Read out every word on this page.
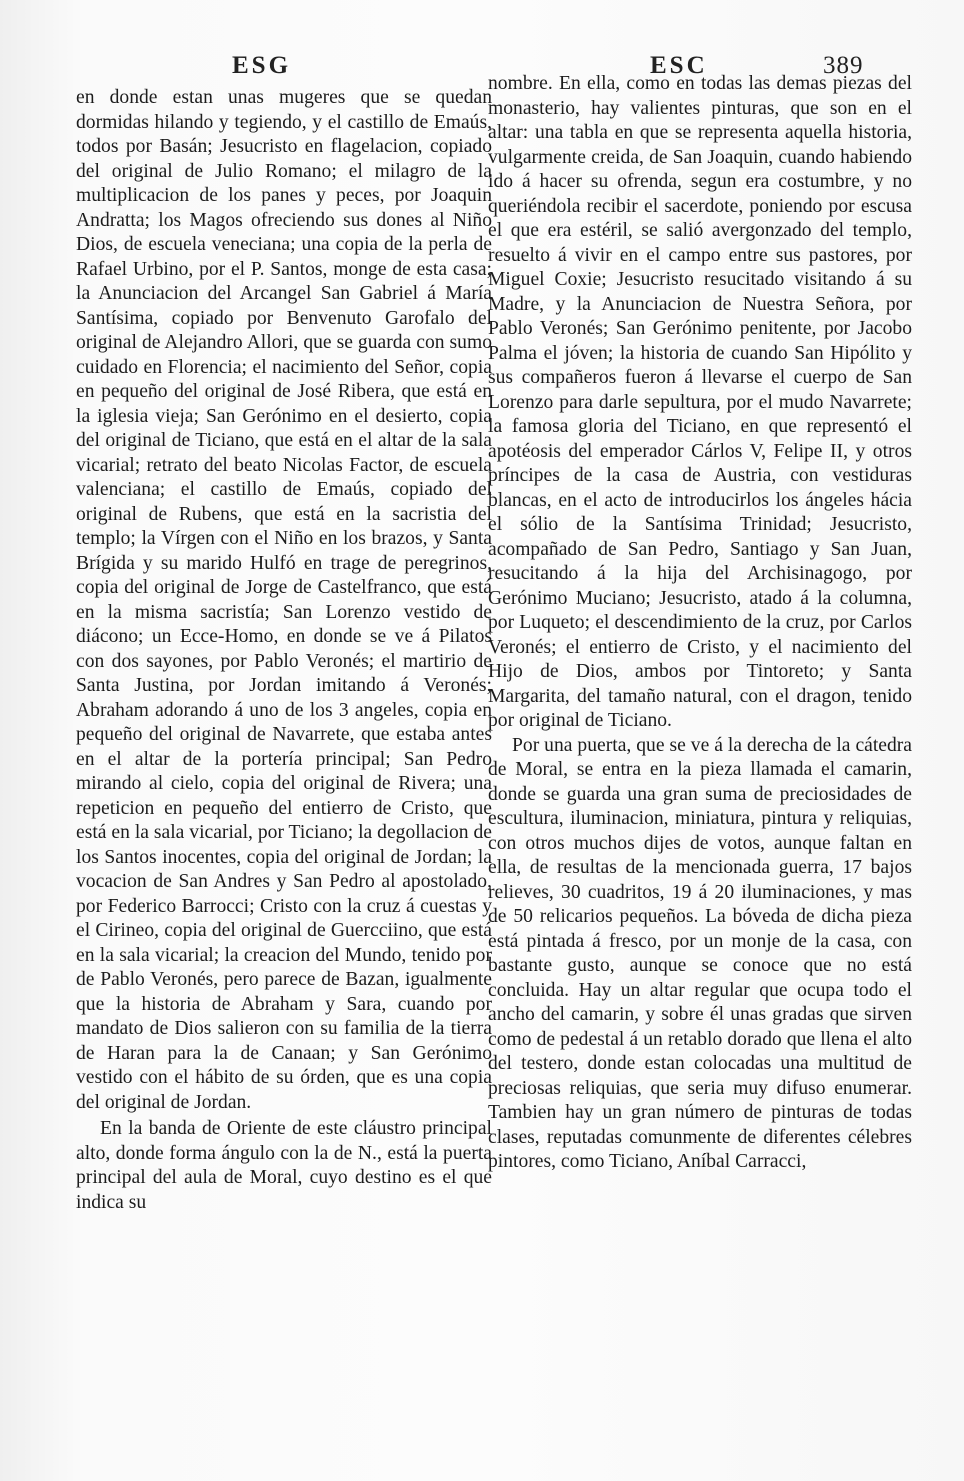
ESG	ESC	389

en donde estan unas mugeres que se quedan dormidas hilando y tegiendo, y el castillo de Emaús, todos por Basán; Jesucristo en flagelacion, copiado del original de Julio Romano; el milagro de la multiplicacion de los panes y peces, por Joaquin Andratta; los Magos ofreciendo sus dones al Niño Dios, de escuela veneciana; una copia de la perla de Rafael Urbino, por el P. Santos, monge de esta casa; la Anunciacion del Arcangel San Gabriel á María Santísima, copiado por Benvenuto Garofalo del original de Alejandro Allori, que se guarda con sumo cuidado en Florencia; el nacimiento del Señor, copia en pequeño del original de José Ribera, que está en la iglesia vieja; San Gerónimo en el desierto, copia del original de Ticiano, que está en el altar de la sala vicarial; retrato del beato Nicolas Factor, de escuela valenciana; el castillo de Emaús, copiado del original de Rubens, que está en la sacristia del templo; la Vírgen con el Niño en los brazos, y Santa Brígida y su marido Hulfó en trage de peregrinos, copia del original de Jorge de Castelfranco, que está en la misma sacristía; San Lorenzo vestido de diácono; un Ecce-Homo, en donde se ve á Pilatos con dos sayones, por Pablo Veronés; el martirio de Santa Justina, por Jordan imitando á Veronés; Abraham adorando á uno de los 3 angeles, copia en pequeño del original de Navarrete, que estaba antes en el altar de la portería principal; San Pedro mirando al cielo, copia del original de Rivera; una repeticion en pequeño del entierro de Cristo, que está en la sala vicarial, por Ticiano; la degollacion de los Santos inocentes, copia del original de Jordan; la vocacion de San Andres y San Pedro al apostolado, por Federico Barrocci; Cristo con la cruz á cuestas y el Cirineo, copia del original de Guercciino, que está en la sala vicarial; la creacion del Mundo, tenido por de Pablo Veronés, pero parece de Bazan, igualmente que la historia de Abraham y Sara, cuando por mandato de Dios salieron con su familia de la tierra de Haran para la de Canaan; y San Gerónimo vestido con el hábito de su órden, que es una copia del original de Jordan.

En la banda de Oriente de este cláustro principal alto, donde forma ángulo con la de N., está la puerta principal del aula de Moral, cuyo destino es el que indica su

nombre. En ella, como en todas las demas piezas del monasterio, hay valientes pinturas, que son en el altar: una tabla en que se representa aquella historia, vulgarmente creida, de San Joaquin, cuando habiendo ido á hacer su ofrenda, segun era costumbre, y no queriéndola recibir el sacerdote, poniendo por escusa el que era estéril, se salió avergonzado del templo, resuelto á vivir en el campo entre sus pastores, por Miguel Coxie; Jesucristo resucitado visitando á su Madre, y la Anunciacion de Nuestra Señora, por Pablo Veronés; San Gerónimo penitente, por Jacobo Palma el jóven; la historia de cuando San Hipólito y sus compañeros fueron á llevarse el cuerpo de San Lorenzo para darle sepultura, por el mudo Navarrete; la famosa gloria del Ticiano, en que representó el apotéosis del emperador Cárlos V, Felipe II, y otros príncipes de la casa de Austria, con vestiduras blancas, en el acto de introducirlos los ángeles hácia el sólio de la Santísima Trinidad; Jesucristo, acompañado de San Pedro, Santiago y San Juan, resucitando á la hija del Archisinagogo, por Gerónimo Muciano; Jesucristo, atado á la columna, por Luqueto; el descendimiento de la cruz, por Carlos Veronés; el entierro de Cristo, y el nacimiento del Hijo de Dios, ambos por Tintoreto; y Santa Margarita, del tamaño natural, con el dragon, tenido por original de Ticiano.

Por una puerta, que se ve á la derecha de la cátedra de Moral, se entra en la pieza llamada el camarin, donde se guarda una gran suma de preciosidades de escultura, iluminacion, miniatura, pintura y reliquias, con otros muchos dijes de votos, aunque faltan en ella, de resultas de la mencionada guerra, 17 bajos relieves, 30 cuadritos, 19 á 20 iluminaciones, y mas de 50 relicarios pequeños. La bóveda de dicha pieza está pintada á fresco, por un monje de la casa, con bastante gusto, aunque se conoce que no está concluida. Hay un altar regular que ocupa todo el ancho del camarin, y sobre él unas gradas que sirven como de pedestal á un retablo dorado que llena el alto del testero, donde estan colocadas una multitud de preciosas reliquias, que seria muy difuso enumerar. Tambien hay un gran número de pinturas de todas clases, reputadas comunmente de diferentes célebres pintores, como Ticiano, Aníbal Carracci,
